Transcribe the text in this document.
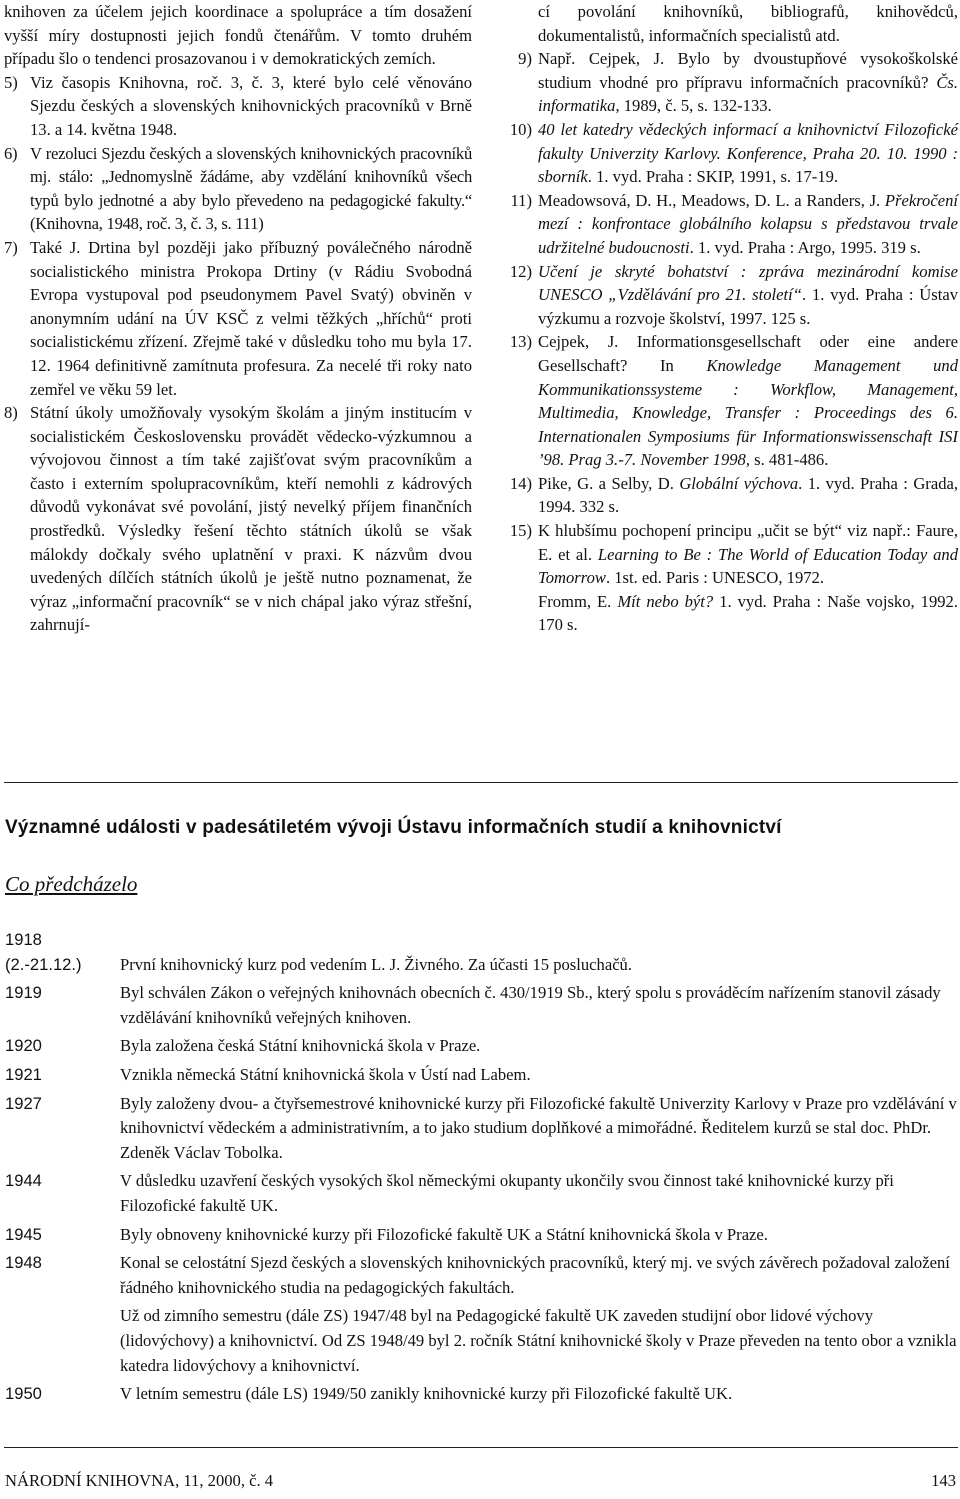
knihoven za účelem jejich koordinace a spolupráce a tím dosažení vyšší míry dostupnosti jejich fondů čtenářům. V tomto druhém případu šlo o tendenci prosazovanou i v demokratických zemích.

5) Viz časopis Knihovna, roč. 3, č. 3, které bylo celé věnováno Sjezdu českých a slovenských knihovnických pracovníků v Brně 13. a 14. května 1948.
6) V rezoluci Sjezdu českých a slovenských knihovnických pracovníků mj. stálo: „Jednomyslně žádáme, aby vzdělání knihovníků všech typů bylo jednotné a aby bylo převedeno na pedagogické fakulty.“ (Knihovna, 1948, roč. 3, č. 3, s. 111)
7) Také J. Drtina byl později jako příbuzný poválečného národně socialistického ministra Prokopa Drtiny (v Rádiu Svobodná Evropa vystupoval pod pseudonymem Pavel Svatý) obviněn v anonymním udání na ÚV KSČ z velmi těžkých „hříchů“ proti socialistickému zřízení. Zřejmě také v důsledku toho mu byla 17. 12. 1964 definitivně zamítnuta profesura. Za necelé tři roky nato zemřel ve věku 59 let.
8) Státní úkoly umožňovaly vysokým školám a jiným institucím v socialistickém Československu provádět vědecko-výzkumnou a vývojovou činnost a tím také zajišťovat svým pracovníkům a často i externím spolupracovníkům, kteří nemohli z kádrových důvodů vykonávat své povolání, jistý nevelký příjem finančních prostředků. Výsledky řešení těchto státních úkolů se však málokdy dočkaly svého uplatnění v praxi. K názvům dvou uvedených dílčích státních úkolů je ještě nutno poznamenat, že výraz „informační pracovník“ se v nich chápal jako výraz střešní, zahrnují-

cí povolání knihovníků, bibliografů, knihovědců, dokumentalistů, informačních specialistů atd.

9) Např. Cejpek, J. Bylo by dvoustupňové vysokoškolské studium vhodné pro přípravu informačních pracovníků? Čs. informatika, 1989, č. 5, s. 132-133.
10) 40 let katedry vědeckých informací a knihovnictví Filozofické fakulty Univerzity Karlovy. Konference, Praha 20. 10. 1990 : sborník. 1. vyd. Praha : SKIP, 1991, s. 17-19.
11) Meadowsová, D. H., Meadows, D. L. a Randers, J. Překročení mezí : konfrontace globálního kolapsu s představou trvale udržitelné budoucnosti. 1. vyd. Praha : Argo, 1995. 319 s.
12) Učení je skryté bohatství : zpráva mezinárodní komise UNESCO „Vzdělávání pro 21. století“. 1. vyd. Praha : Ústav výzkumu a rozvoje školství, 1997. 125 s.
13) Cejpek, J. Informationsgesellschaft oder eine andere Gesellschaft? In Knowledge Management und Kommunikationssysteme : Workflow, Management, Multimedia, Knowledge, Transfer : Proceedings des 6. Internationalen Symposiums für Informationswissenschaft ISI ’98. Prag 3.-7. November 1998, s. 481-486.
14) Pike, G. a Selby, D. Globální výchova. 1. vyd. Praha : Grada, 1994. 332 s.
15) K hlubšímu pochopení principu „učit se být“ viz např.: Faure, E. et al. Learning to Be : The World of Education Today and Tomorrow. 1st. ed. Paris : UNESCO, 1972.

Fromm, E. Mít nebo být? 1. vyd. Praha : Naše vojsko, 1992. 170 s.

Významné události v padesátiletém vývoji Ústavu informačních studií a knihovnictví
Co předcházelo
1918
(2.-21.12.)	První knihovnický kurz pod vedením L. J. Živného. Za účasti 15 posluchačů.

1919	Byl schválen Zákon o veřejných knihovnách obecních č. 430/1919 Sb., který spolu s prováděcím nařízením stanovil zásady vzdělávání knihovníků veřejných knihoven.

1920	Byla založena česká Státní knihovnická škola v Praze.

1921	Vznikla německá Státní knihovnická škola v Ústí nad Labem.

1927	Byly založeny dvou- a čtyřsemestrové knihovnické kurzy při Filozofické fakultě Univerzity Karlovy v Praze pro vzdělávání v knihovnictví vědeckém a administrativním, a to jako studium doplňkové a mimořádné. Ředitelem kurzů se stal doc. PhDr. Zdeněk Václav Tobolka.

1944	V důsledku uzavření českých vysokých škol německými okupanty ukončily svou činnost také knihovnické kurzy při Filozofické fakultě UK.

1945	Byly obnoveny knihovnické kurzy při Filozofické fakultě UK a Státní knihovnická škola v Praze.

1948	Konal se celostátní Sjezd českých a slovenských knihovnických pracovníků, který mj. ve svých závěrech požadoval založení řádného knihovnického studia na pedagogických fakultách.

Už od zimního semestru (dále ZS) 1947/48 byl na Pedagogické fakultě UK zaveden studijní obor lidové výchovy (lidovýchovy) a knihovnictví. Od ZS 1948/49 byl 2. ročník Státní knihovnické školy v Praze převeden na tento obor a vznikla katedra lidovýchovy a knihovnictví.

1950	V letním semestru (dále LS) 1949/50 zanikly knihovnické kurzy při Filozofické fakultě UK.

NÁRODNÍ KNIHOVNA, 11, 2000, č. 4	143
